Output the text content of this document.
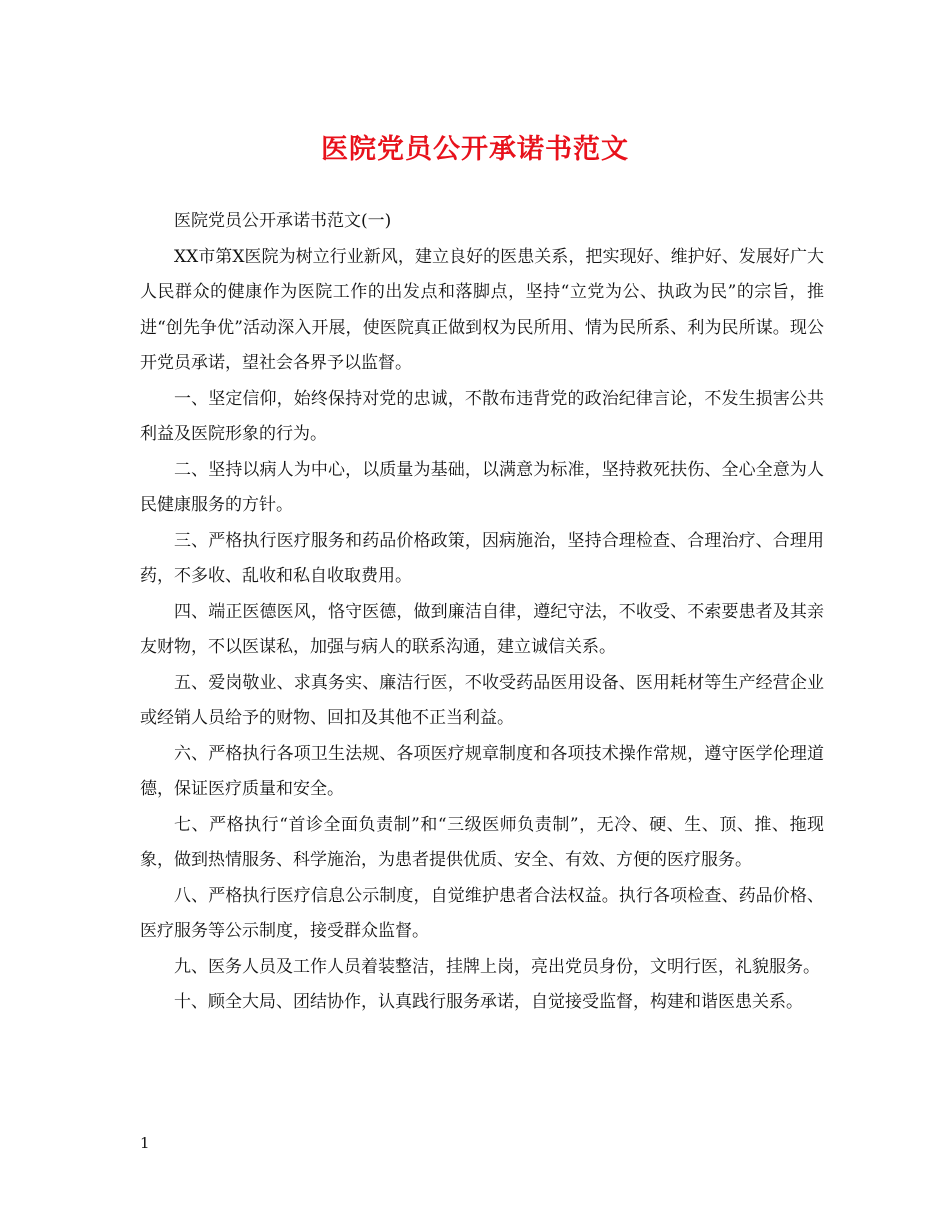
医院党员公开承诺书范文

医院党员公开承诺书范文(一)

XX市第X医院为树立行业新风，建立良好的医患关系，把实现好、维护好、发展好广大人民群众的健康作为医院工作的出发点和落脚点，坚持“立党为公、执政为民”的宗旨，推进“创先争优”活动深入开展，使医院真正做到权为民所用、情为民所系、利为民所谋。现公开党员承诺，望社会各界予以监督。

一、坚定信仰，始终保持对党的忠诚，不散布违背党的政治纪律言论，不发生损害公共利益及医院形象的行为。

二、坚持以病人为中心，以质量为基础，以满意为标准，坚持救死扶伤、全心全意为人民健康服务的方针。

三、严格执行医疗服务和药品价格政策，因病施治，坚持合理检查、合理治疗、合理用药，不多收、乱收和私自收取费用。

四、端正医德医风，恪守医德，做到廉洁自律，遵纪守法，不收受、不索要患者及其亲友财物，不以医谋私，加强与病人的联系沟通，建立诚信关系。

五、爱岗敬业、求真务实、廉洁行医，不收受药品医用设备、医用耗材等生产经营企业或经销人员给予的财物、回扣及其他不正当利益。

六、严格执行各项卫生法规、各项医疗规章制度和各项技术操作常规，遵守医学伦理道德，保证医疗质量和安全。

七、严格执行“首诊全面负责制”和“三级医师负责制”，无冷、硬、生、顶、推、拖现象，做到热情服务、科学施治，为患者提供优质、安全、有效、方便的医疗服务。

八、严格执行医疗信息公示制度，自觉维护患者合法权益。执行各项检查、药品价格、医疗服务等公示制度，接受群众监督。

九、医务人员及工作人员着装整洁，挂牌上岗，亮出党员身份，文明行医，礼貌服务。

十、顾全大局、团结协作，认真践行服务承诺，自觉接受监督，构建和谐医患关系。

1
